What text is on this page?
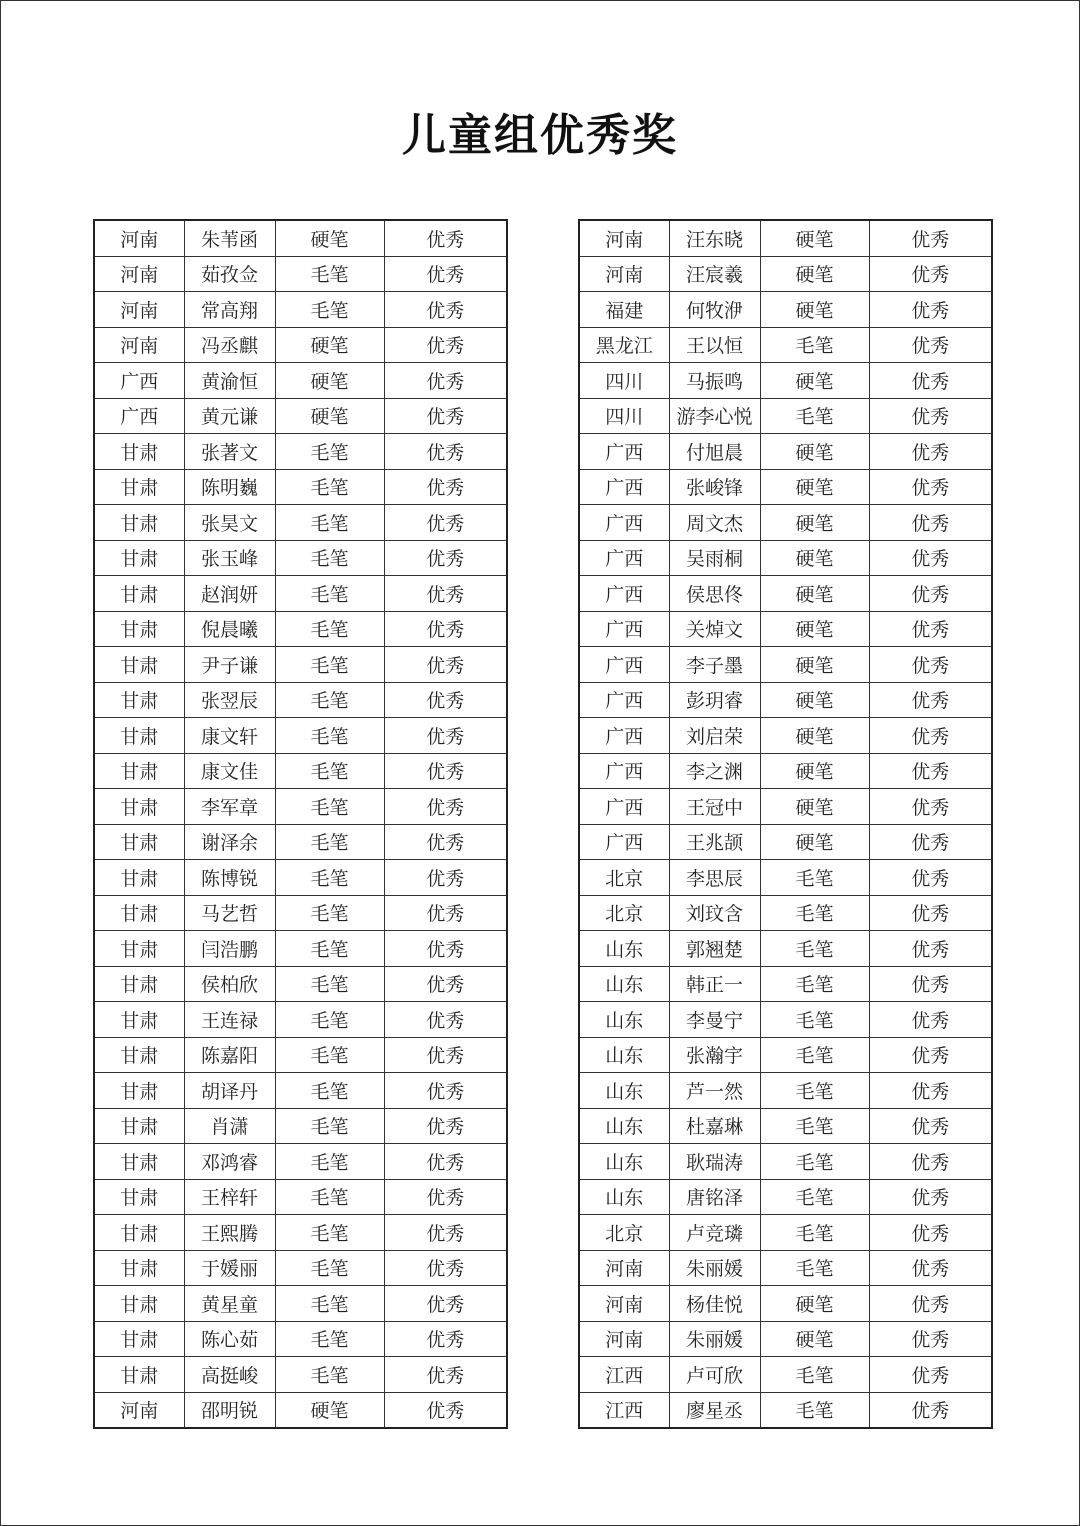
儿童组优秀奖
河南	朱苇函	硬笔	优秀
河南	茹孜佥	毛笔	优秀
河南	常高翔	毛笔	优秀
河南	冯丞麒	硬笔	优秀
广西	黄渝恒	硬笔	优秀
广西	黄元谦	硬笔	优秀
甘肃	张著文	毛笔	优秀
甘肃	陈明巍	毛笔	优秀
甘肃	张昊文	毛笔	优秀
甘肃	张玉峰	毛笔	优秀
甘肃	赵润妍	毛笔	优秀
甘肃	倪晨曦	毛笔	优秀
甘肃	尹子谦	毛笔	优秀
甘肃	张翌辰	毛笔	优秀
甘肃	康文轩	毛笔	优秀
甘肃	康文佳	毛笔	优秀
甘肃	李军章	毛笔	优秀
甘肃	谢泽余	毛笔	优秀
甘肃	陈博锐	毛笔	优秀
甘肃	马艺哲	毛笔	优秀
甘肃	闫浩鹏	毛笔	优秀
甘肃	侯柏欣	毛笔	优秀
甘肃	王连禄	毛笔	优秀
甘肃	陈嘉阳	毛笔	优秀
甘肃	胡译丹	毛笔	优秀
甘肃	肖潇	毛笔	优秀
甘肃	邓鸿睿	毛笔	优秀
甘肃	王梓轩	毛笔	优秀
甘肃	王熙腾	毛笔	优秀
甘肃	于媛丽	毛笔	优秀
甘肃	黄星童	毛笔	优秀
甘肃	陈心茹	毛笔	优秀
甘肃	高挺峻	毛笔	优秀
河南	邵明锐	硬笔	优秀
河南	汪东晓	硬笔	优秀
河南	汪宸羲	硬笔	优秀
福建	何牧洢	硬笔	优秀
黑龙江	王以恒	毛笔	优秀
四川	马振鸣	硬笔	优秀
四川	游李心悦	毛笔	优秀
广西	付旭晨	硬笔	优秀
广西	张峻锋	硬笔	优秀
广西	周文杰	硬笔	优秀
广西	吴雨桐	硬笔	优秀
广西	侯思佟	硬笔	优秀
广西	关焯文	硬笔	优秀
广西	李子墨	硬笔	优秀
广西	彭玥睿	硬笔	优秀
广西	刘启荣	硬笔	优秀
广西	李之渊	硬笔	优秀
广西	王冠中	硬笔	优秀
广西	王兆颉	硬笔	优秀
北京	李思辰	毛笔	优秀
北京	刘玟含	毛笔	优秀
山东	郭翘楚	毛笔	优秀
山东	韩正一	毛笔	优秀
山东	李曼宁	毛笔	优秀
山东	张瀚宇	毛笔	优秀
山东	芦一然	毛笔	优秀
山东	杜嘉琳	毛笔	优秀
山东	耿瑞涛	毛笔	优秀
山东	唐铭泽	毛笔	优秀
北京	卢竞璘	毛笔	优秀
河南	朱丽媛	毛笔	优秀
河南	杨佳悦	硬笔	优秀
河南	朱丽媛	硬笔	优秀
江西	卢可欣	毛笔	优秀
江西	廖星丞	毛笔	优秀
